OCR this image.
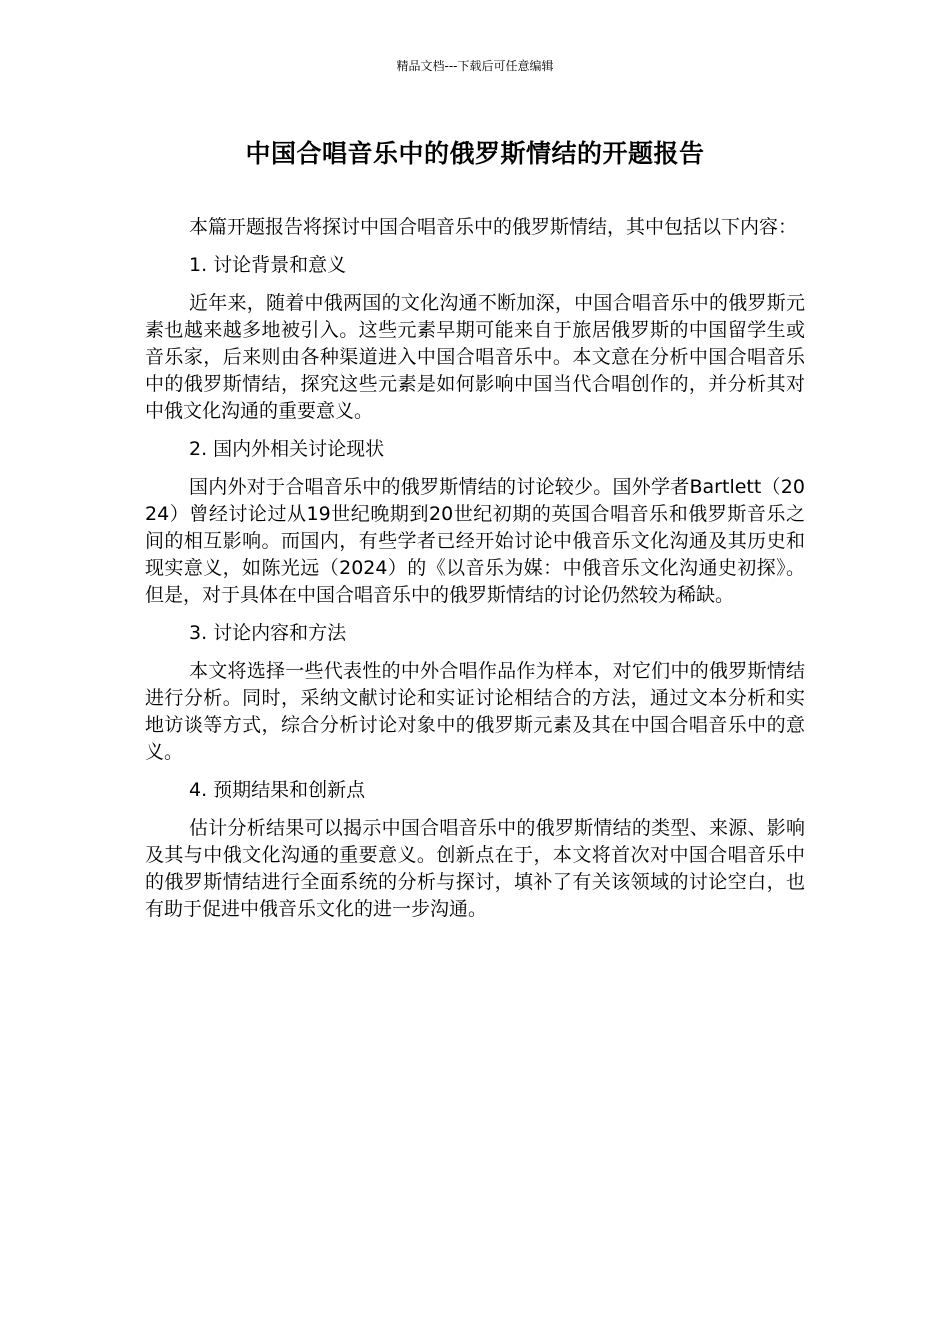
精品文档---下载后可任意编辑
中国合唱音乐中的俄罗斯情结的开题报告

本篇开题报告将探讨中国合唱音乐中的俄罗斯情结，其中包括以下内容：

1. 讨论背景和意义

近年来，随着中俄两国的文化沟通不断加深，中国合唱音乐中的俄罗斯元素也越来越多地被引入。这些元素早期可能来自于旅居俄罗斯的中国留学生或音乐家，后来则由各种渠道进入中国合唱音乐中。本文意在分析中国合唱音乐中的俄罗斯情结，探究这些元素是如何影响中国当代合唱创作的，并分析其对中俄文化沟通的重要意义。

2. 国内外相关讨论现状

国内外对于合唱音乐中的俄罗斯情结的讨论较少。国外学者Bartlett（2024）曾经讨论过从19世纪晚期到20世纪初期的英国合唱音乐和俄罗斯音乐之间的相互影响。而国内，有些学者已经开始讨论中俄音乐文化沟通及其历史和现实意义，如陈光远（2024）的《以音乐为媒：中俄音乐文化沟通史初探》。但是，对于具体在中国合唱音乐中的俄罗斯情结的讨论仍然较为稀缺。

3. 讨论内容和方法

本文将选择一些代表性的中外合唱作品作为样本，对它们中的俄罗斯情结进行分析。同时，采纳文献讨论和实证讨论相结合的方法，通过文本分析和实地访谈等方式，综合分析讨论对象中的俄罗斯元素及其在中国合唱音乐中的意义。

4. 预期结果和创新点

估计分析结果可以揭示中国合唱音乐中的俄罗斯情结的类型、来源、影响及其与中俄文化沟通的重要意义。创新点在于，本文将首次对中国合唱音乐中的俄罗斯情结进行全面系统的分析与探讨，填补了有关该领域的讨论空白，也有助于促进中俄音乐文化的进一步沟通。
